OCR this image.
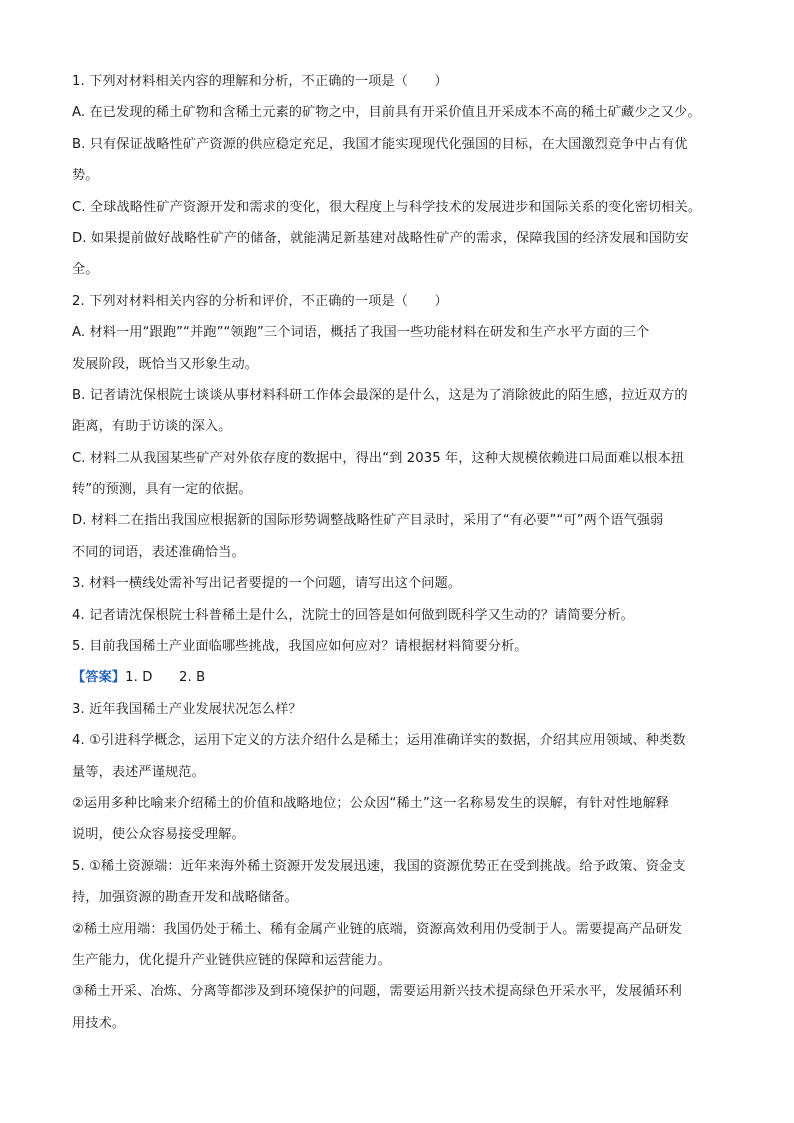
1. 下列对材料相关内容的理解和分析，不正确的一项是（　　）
A. 在已发现的稀土矿物和含稀土元素的矿物之中，目前具有开采价值且开采成本不高的稀土矿藏少之又少。
B. 只有保证战略性矿产资源的供应稳定充足，我国才能实现现代化强国的目标，在大国激烈竞争中占有优
势。
C. 全球战略性矿产资源开发和需求的变化，很大程度上与科学技术的发展进步和国际关系的变化密切相关。
D. 如果提前做好战略性矿产的储备，就能满足新基建对战略性矿产的需求，保障我国的经济发展和国防安
全。
2. 下列对材料相关内容的分析和评价，不正确的一项是（　　）
A. 材料一用“跟跑”“并跑”“领跑”三个词语，概括了我国一些功能材料在研发和生产水平方面的三个
发展阶段，既恰当又形象生动。
B. 记者请沈保根院士谈谈从事材料科研工作体会最深的是什么，这是为了消除彼此的陌生感，拉近双方的
距离，有助于访谈的深入。
C. 材料二从我国某些矿产对外依存度的数据中，得出“到 2035 年，这种大规模依赖进口局面难以根本扭
转”的预测，具有一定的依据。
D. 材料二在指出我国应根据新的国际形势调整战略性矿产目录时，采用了“有必要”“可”两个语气强弱
不同的词语，表述准确恰当。
3. 材料一横线处需补写出记者要提的一个问题，请写出这个问题。
4. 记者请沈保根院士科普稀土是什么，沈院士的回答是如何做到既科学又生动的？请简要分析。
5. 目前我国稀土产业面临哪些挑战，我国应如何应对？请根据材料简要分析。
【答案】1. D　　2. B
3. 近年我国稀土产业发展状况怎么样？
4. ①引进科学概念，运用下定义的方法介绍什么是稀土；运用准确详实的数据，介绍其应用领域、种类数
量等，表述严谨规范。
②运用多种比喻来介绍稀土的价值和战略地位；公众因“稀土”这一名称易发生的误解，有针对性地解释
说明，使公众容易接受理解。
5. ①稀土资源端：近年来海外稀土资源开发发展迅速，我国的资源优势正在受到挑战。给予政策、资金支
持，加强资源的勘查开发和战略储备。
②稀土应用端：我国仍处于稀土、稀有金属产业链的底端，资源高效利用仍受制于人。需要提高产品研发
生产能力，优化提升产业链供应链的保障和运营能力。
③稀土开采、冶炼、分离等都涉及到环境保护的问题，需要运用新兴技术提高绿色开采水平，发展循环利
用技术。
